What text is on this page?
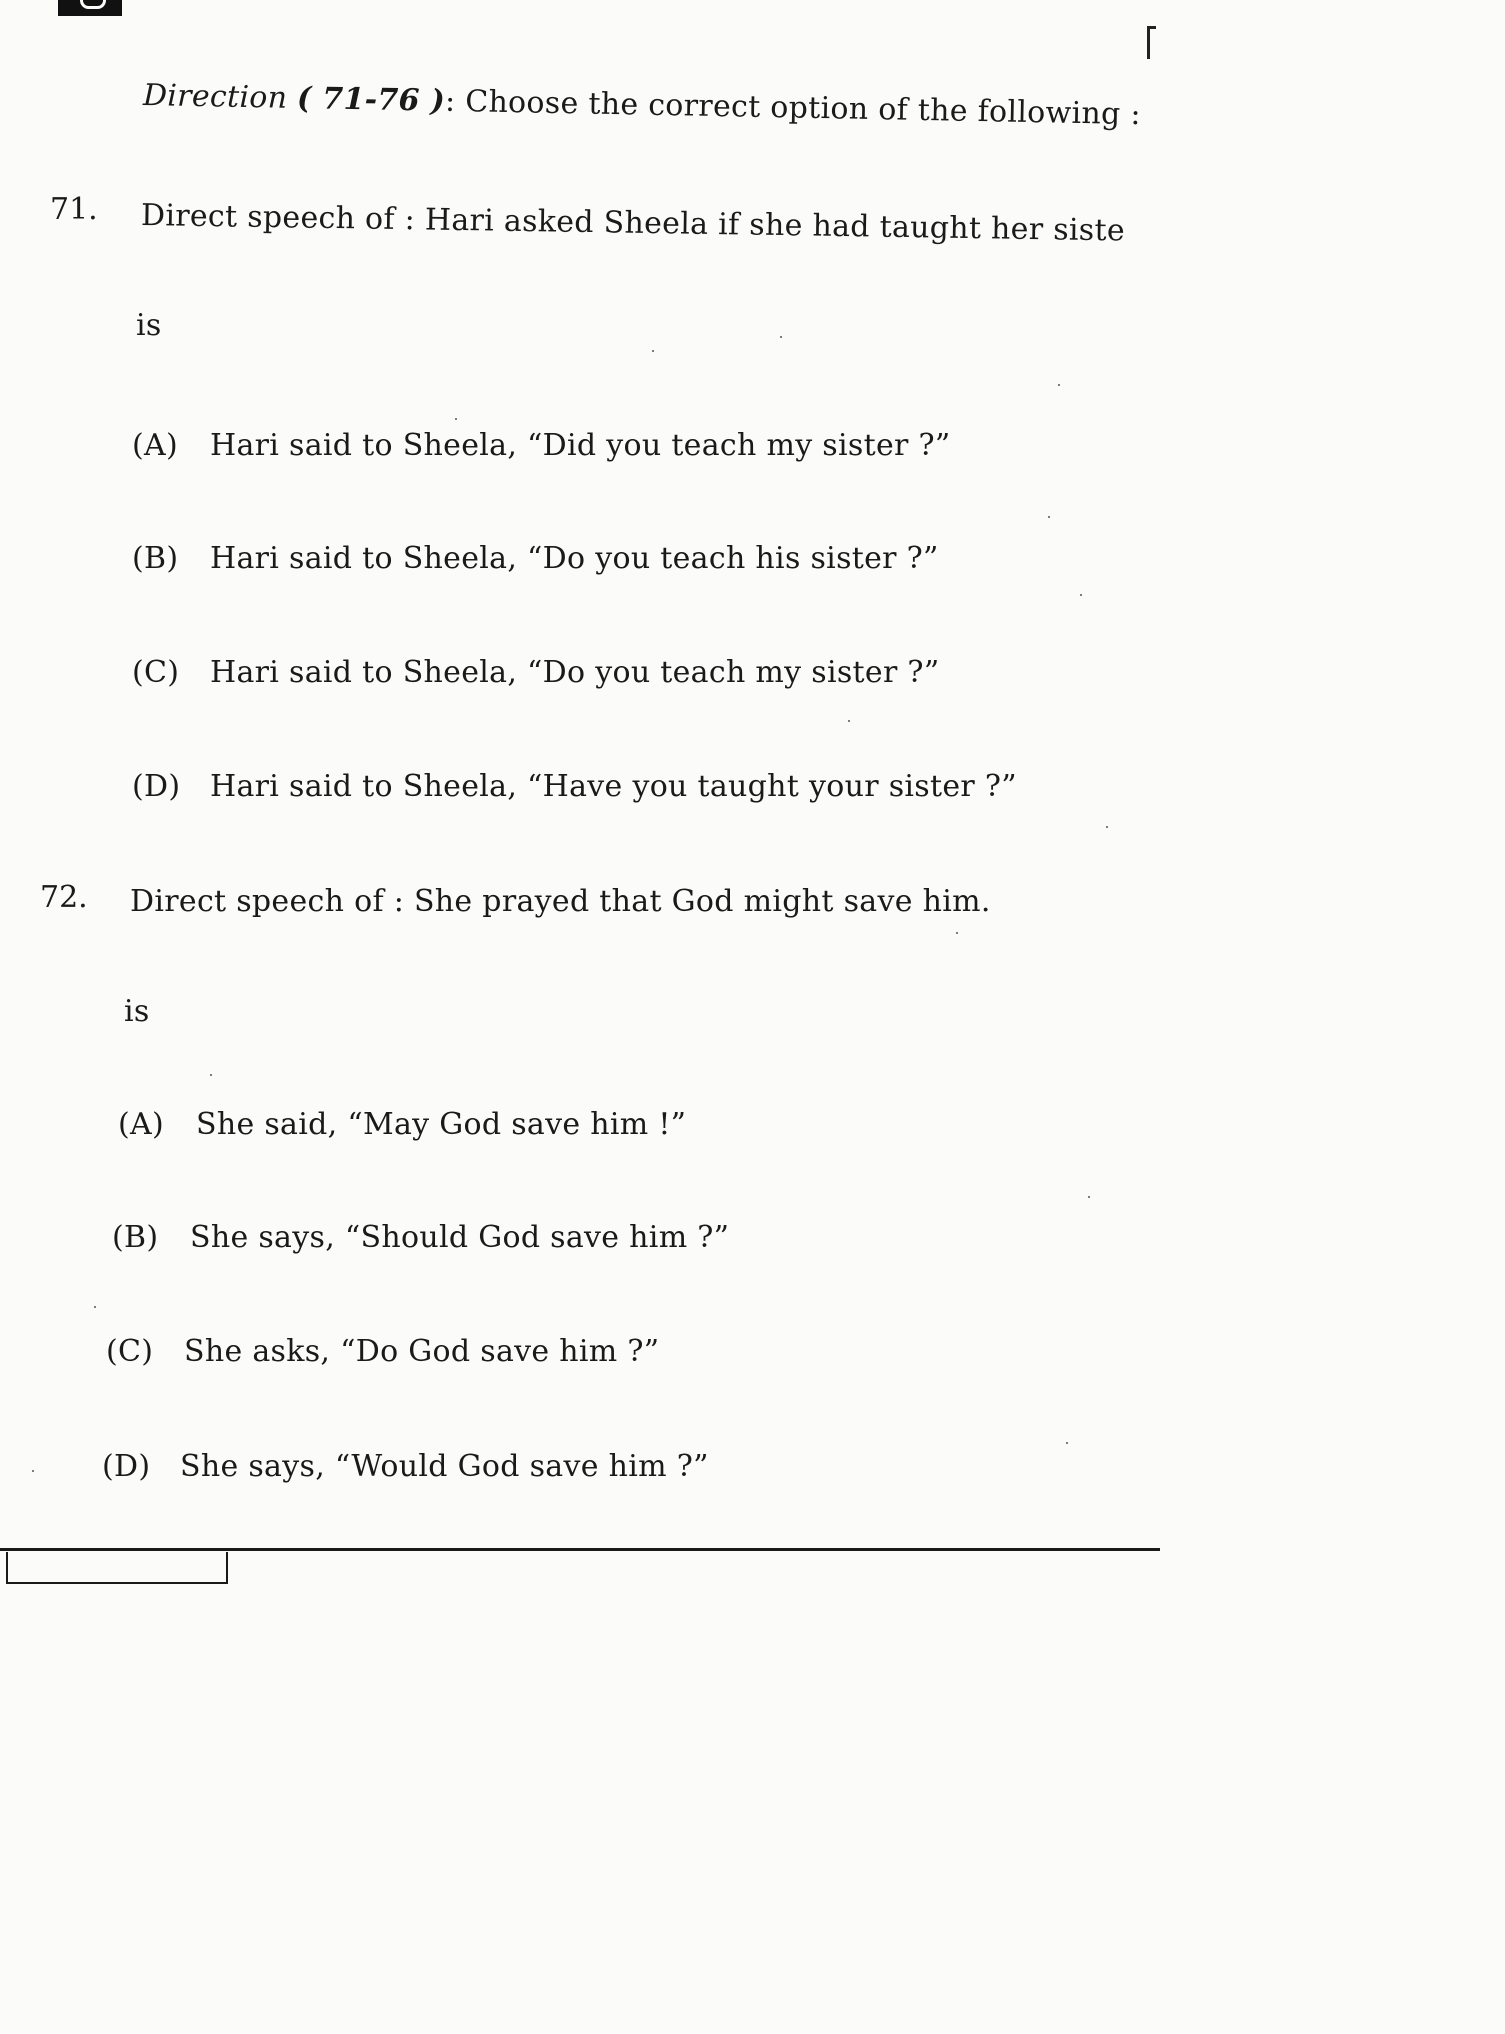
Direction ( 71-76 ): Choose the correct option of the following :
71. Direct speech of : Hari asked Sheela if she had taught her siste
is
(A) Hari said to Sheela, “Did you teach my sister ?”
(B) Hari said to Sheela, “Do you teach his sister ?”
(C) Hari said to Sheela, “Do you teach my sister ?”
(D) Hari said to Sheela, “Have you taught your sister ?”
72. Direct speech of : She prayed that God might save him.
is
(A) She said, “May God save him !”
(B) She says, “Should God save him ?”
(C) She asks, “Do God save him ?”
(D) She says, “Would God save him ?”
